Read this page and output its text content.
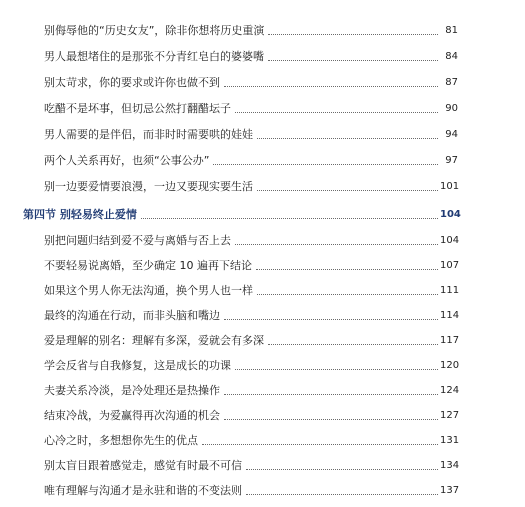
别侮辱他的“历史女友”，除非你想将历史重演	81
男人最想堵住的是那张不分青红皂白的婆婆嘴	84
别太苛求，你的要求或许你也做不到	87
吃醋不是坏事，但切忌公然打翻醋坛子	90
男人需要的是伴侣，而非时时需要哄的娃娃	94
两个人关系再好，也须“公事公办”	97
别一边要爱情要浪漫，一边又要现实要生活	101
第四节 别轻易终止爱情	104
别把问题归结到爱不爱与离婚与否上去	104
不要轻易说离婚，至少确定 10 遍再下结论	107
如果这个男人你无法沟通，换个男人也一样	111
最终的沟通在行动，而非头脑和嘴边	114
爱是理解的别名：理解有多深，爱就会有多深	117
学会反省与自我修复，这是成长的功课	120
夫妻关系冷淡，是冷处理还是热操作	124
结束冷战，为爱赢得再次沟通的机会	127
心冷之时，多想想你先生的优点	131
别太盲目跟着感觉走，感觉有时最不可信	134
唯有理解与沟通才是永驻和谐的不变法则	137
